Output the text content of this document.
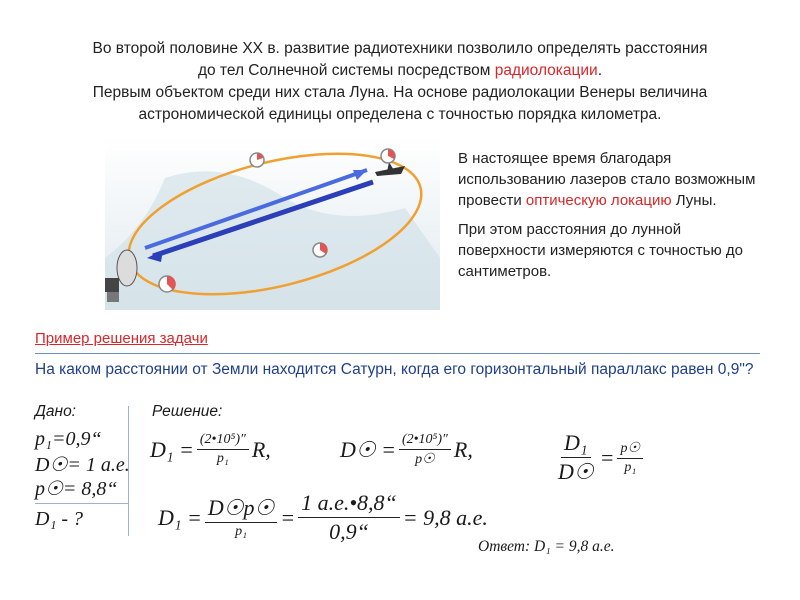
Во второй половине XX в. развитие радиотехники позволило определять расстояния
до тел Солнечной системы посредством радиолокации.
Первым объектом среди них стала Луна. На основе радиолокации Венеры величина
астрономической единицы определена с точностью порядка километра.

В настоящее время благодаря использованию лазеров стало возможным провести оптическую локацию Луны.

При этом расстояния до лунной поверхности измеряются с точностью до сантиметров.

Пример решения задачи
На каком расстоянии от Земли находится Сатурн, когда его горизонтальный параллакс равен 0,9"?
Дано:	Решение:
p₁=0,9“
D☉= 1 а.е.
p☉= 8,8“
D₁ - ?
$D_1 = \frac{\text{(2•10⁵)″}}{\text{p₁}} R$,	D☉ = $\frac{\text{(2•10⁵)″}}{p☉} R$,	$\frac{\text{D₁}}{D☉} = \frac{p☉}{\text{p₁}}$
$D_1 = \frac{D☉p☉}{\text{p₁}} = \frac{1 а.е.•8,8“}{0,9“} = 9,8$ а.е.
Ответ: D₁ = 9,8 а.е.
